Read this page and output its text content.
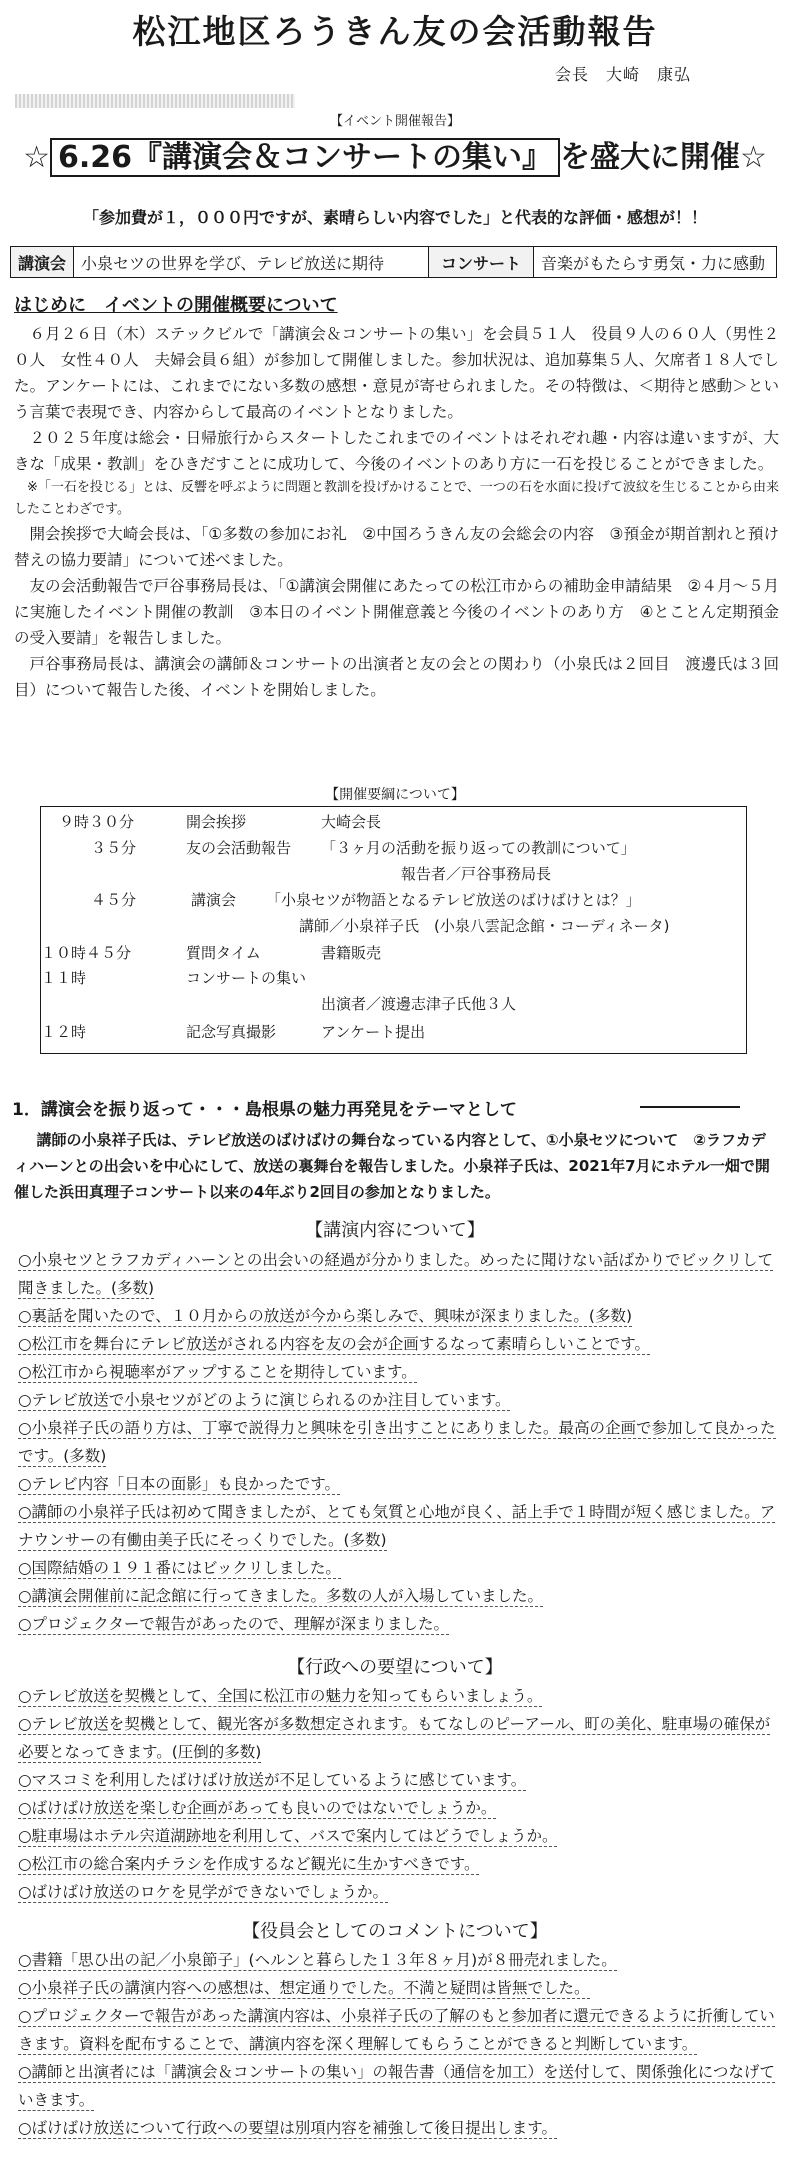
松江地区ろうきん友の会活動報告
会長　大崎　康弘
【イベント開催報告】
☆ 6.26『講演会＆コンサートの集い』 を盛大に開催☆
「参加費が１，０００円ですが、素晴らしい内容でした」と代表的な評価・感想が！！
講演会 小泉セツの世界を学び、テレビ放送に期待	コンサート	音楽がもたらす勇気・力に感動
はじめに　イベントの開催概要について

６月２６日（木）ステックビルで「講演会＆コンサートの集い」を会員５１人　役員９人の６０人（男性２０人　女性４０人　夫婦会員６組）が参加して開催しました。参加状況は、追加募集５人、欠席者１８人でした。アンケートには、これまでにない多数の感想・意見が寄せられました。その特徴は、＜期待と感動＞という言葉で表現でき、内容からして最高のイベントとなりました。

２０２５年度は総会・日帰旅行からスタートしたこれまでのイベントはそれぞれ趣・内容は違いますが、大きな「成果・教訓」をひきだすことに成功して、今後のイベントのあり方に一石を投じることができました。

※「一石を投じる」とは、反響を呼ぶように問題と教訓を投げかけることで、一つの石を水面に投げて波紋を生じることから由来したことわざです。

開会挨拶で大崎会長は、「①多数の参加にお礼　②中国ろうきん友の会総会の内容　③預金が期首割れと預け替えの協力要請」について述べました。

友の会活動報告で戸谷事務局長は、「①講演会開催にあたっての松江市からの補助金申請結果　②４月～５月に実施したイベント開催の教訓　③本日のイベント開催意義と今後のイベントのあり方　④とことん定期預金の受入要請」を報告しました。

戸谷事務局長は、講演会の講師＆コンサートの出演者と友の会との関わり（小泉氏は２回目　渡邊氏は３回目）について報告した後、イベントを開始しました。

【開催要綱について】
９時３０分	開会挨拶	大崎会長
３５分	友の会活動報告 「３ヶ月の活動を振り返っての教訓について」
報告者／戸谷事務局長
４５分	講演会 「小泉セツが物語となるテレビ放送のばけばけとは？」
講師／小泉祥子氏　(小泉八雲記念館・コーディネータ)
１０時４５分	質問タイム	書籍販売
１１時	コンサートの集い
出演者／渡邊志津子氏他３人
１２時	記念写真撮影	アンケート提出
1．講演会を振り返って・・・島根県の魅力再発見をテーマとして
講師の小泉祥子氏は、テレビ放送のばけばけの舞台なっている内容として、①小泉セツについて　②ラフカディハーンとの出会いを中心にして、放送の裏舞台を報告しました。小泉祥子氏は、2021年7月にホテル一畑で開催した浜田真理子コンサート以来の4年ぶり2回目の参加となりました。
【講演内容について】
○小泉セツとラフカディハーンとの出会いの経過が分かりました。めったに聞けない話ばかりでビックリして聞きました。(多数)
○裏話を聞いたので、１０月からの放送が今から楽しみで、興味が深まりました。(多数)
○松江市を舞台にテレビ放送がされる内容を友の会が企画するなって素晴らしいことです。
○松江市から視聴率がアップすることを期待しています。
○テレビ放送で小泉セツがどのように演じられるのか注目しています。
○小泉祥子氏の語り方は、丁寧で説得力と興味を引き出すことにありました。最高の企画で参加して良かったです。(多数)
○テレビ内容「日本の面影」も良かったです。
○講師の小泉祥子氏は初めて聞きましたが、とても気質と心地が良く、話上手で１時間が短く感じました。アナウンサーの有働由美子氏にそっくりでした。(多数)
○国際結婚の１９１番にはビックリしました。
○講演会開催前に記念館に行ってきました。多数の人が入場していました。
○プロジェクターで報告があったので、理解が深まりました。
【行政への要望について】
○テレビ放送を契機として、全国に松江市の魅力を知ってもらいましょう。
○テレビ放送を契機として、観光客が多数想定されます。もてなしのピーアール、町の美化、駐車場の確保が必要となってきます。(圧倒的多数)
○マスコミを利用したばけばけ放送が不足しているように感じています。
○ばけばけ放送を楽しむ企画があっても良いのではないでしょうか。
○駐車場はホテル宍道湖跡地を利用して、バスで案内してはどうでしょうか。
○松江市の総合案内チラシを作成するなど観光に生かすべきです。
○ばけばけ放送のロケを見学ができないでしょうか。
【役員会としてのコメントについて】
○書籍「思ひ出の記／小泉節子」(ヘルンと暮らした１３年８ヶ月)が８冊売れました。
○小泉祥子氏の講演内容への感想は、想定通りでした。不満と疑問は皆無でした。
○プロジェクターで報告があった講演内容は、小泉祥子氏の了解のもと参加者に還元できるように折衝していきます。資料を配布することで、講演内容を深く理解してもらうことができると判断しています。
○講師と出演者には「講演会＆コンサートの集い」の報告書（通信を加工）を送付して、関係強化につなげていきます。
○ばけばけ放送について行政への要望は別項内容を補強して後日提出します。
